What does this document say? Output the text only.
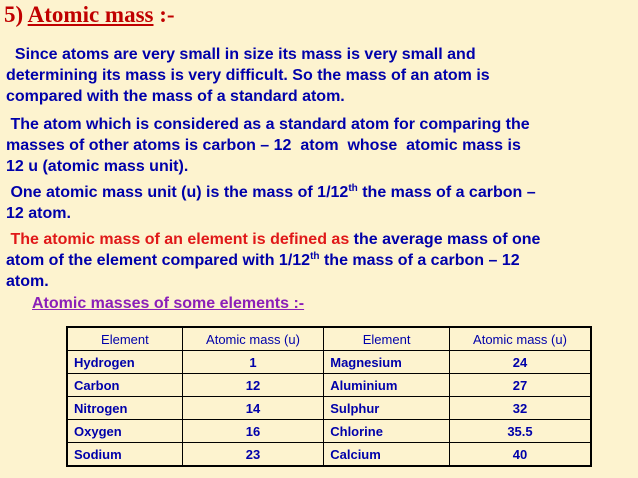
5) Atomic mass :-
Since atoms are very small in size its mass is very small and
determining its mass is very difficult. So the mass of an atom is
compared with the mass of a standard atom.
The atom which is considered as a standard atom for comparing the
masses of other atoms is carbon – 12  atom  whose  atomic mass is
12 u (atomic mass unit).
One atomic mass unit (u) is the mass of 1/12th the mass of a carbon –
12 atom.
The atomic mass of an element is defined as the average mass of one
atom of the element compared with 1/12th the mass of a carbon – 12
atom.
Atomic masses of some elements :-
Element	Atomic mass (u)	Element	Atomic mass (u)
Hydrogen	1	Magnesium	24
Carbon	12	Aluminium	27
Nitrogen	14	Sulphur	32
Oxygen	16	Chlorine	35.5
Sodium	23	Calcium	40
